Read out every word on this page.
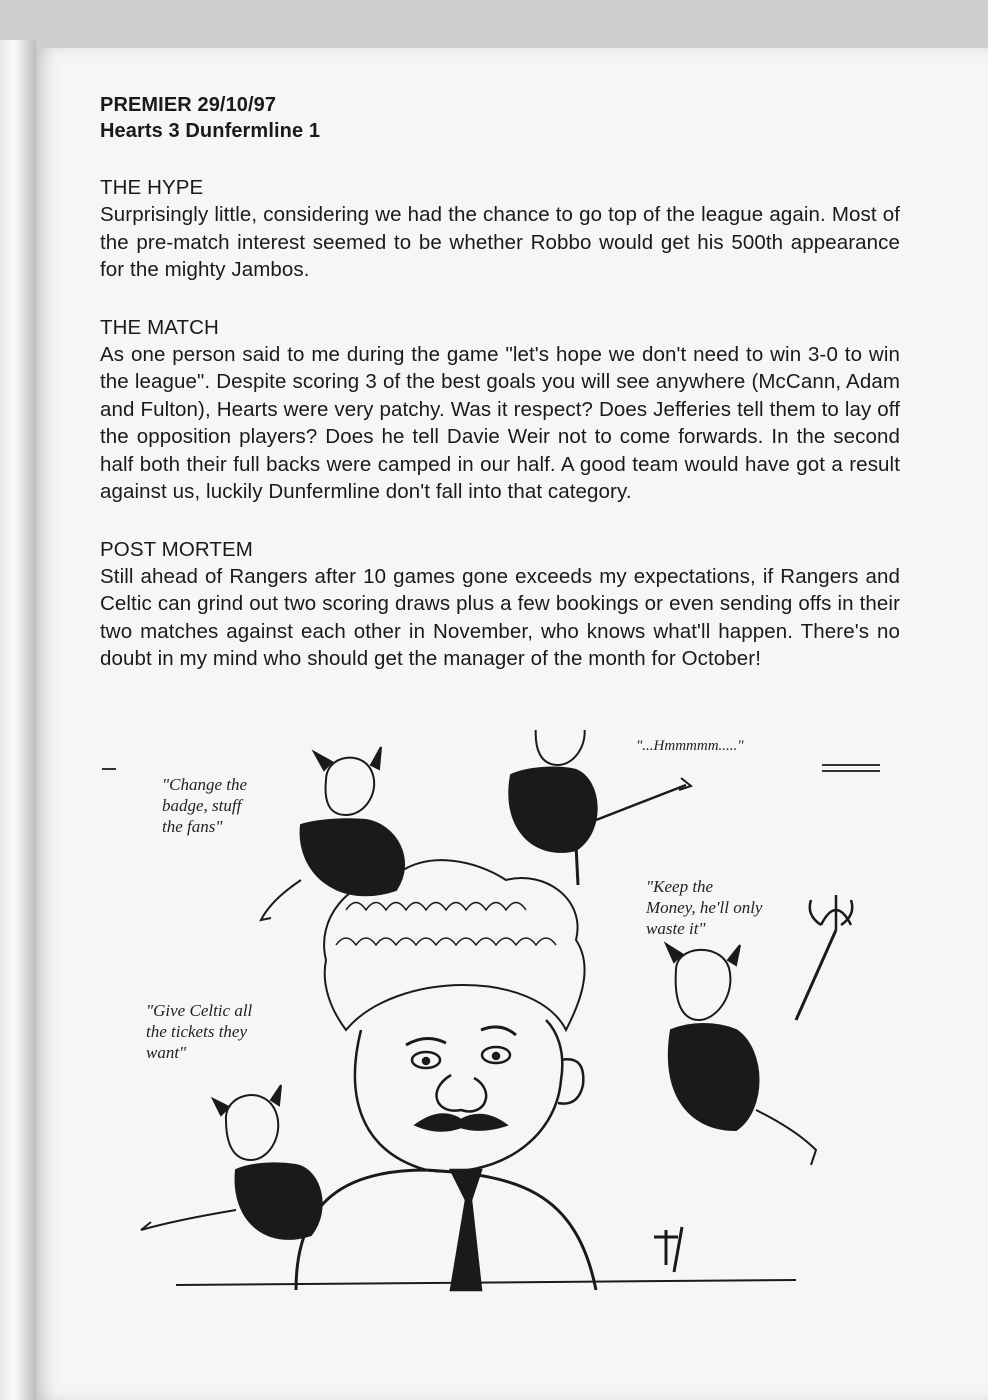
PREMIER 29/10/97

Hearts 3 Dunfermline 1

THE HYPE

Surprisingly little, considering we had the chance to go top of the league again. Most of the pre-match interest seemed to be whether Robbo would get his 500th appearance for the mighty Jambos.

THE MATCH

As one person said to me during the game "let's hope we don't need to win 3-0 to win the league". Despite scoring 3 of the best goals you will see anywhere (McCann, Adam and Fulton), Hearts were very patchy. Was it respect? Does Jefferies tell them to lay off the opposition players? Does he tell Davie Weir not to come forwards. In the second half both their full backs were camped in our half. A good team would have got a result against us, luckily Dunfermline don't fall into that category.

POST MORTEM

Still ahead of Rangers after 10 games gone exceeds my expectations, if Rangers and Celtic can grind out two scoring draws plus a few bookings or even sending offs in their two matches against each other in November, who knows what'll happen. There's no doubt in my mind who should get the manager of the month for October!

"Change the
badge, stuff
the fans"
"...Hmmmmm....."
"Keep the
Money, he'll only
waste it"
"Give Celtic all
the tickets they
want"
